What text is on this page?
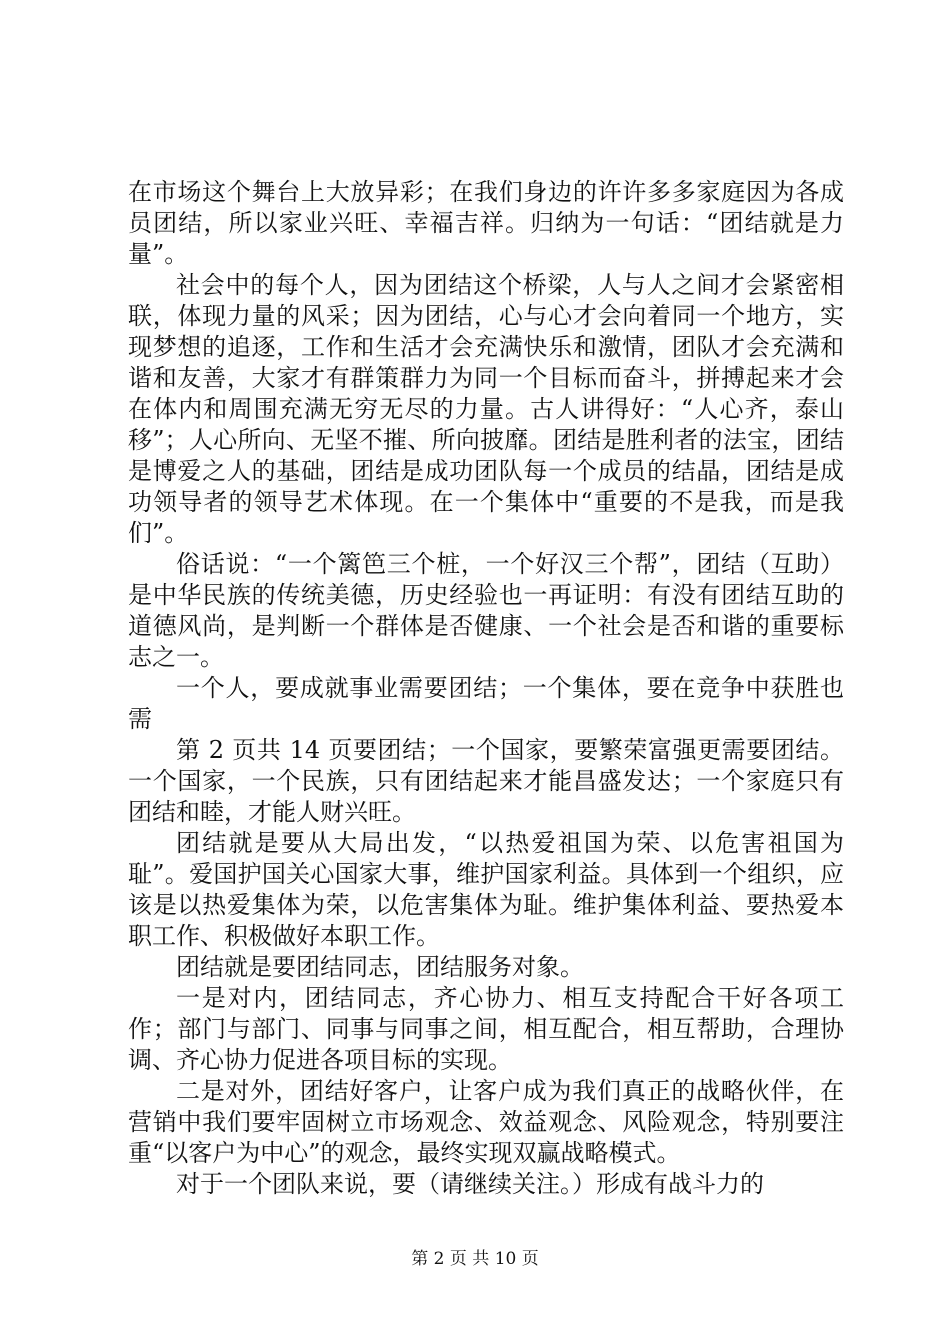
在市场这个舞台上大放异彩；在我们身边的许许多多家庭因为各成员团结，所以家业兴旺、幸福吉祥。归纳为一句话：“团结就是力量”。

社会中的每个人，因为团结这个桥梁，人与人之间才会紧密相联，体现力量的风采；因为团结，心与心才会向着同一个地方，实现梦想的追逐，工作和生活才会充满快乐和激情，团队才会充满和谐和友善，大家才有群策群力为同一个目标而奋斗，拼搏起来才会在体内和周围充满无穷无尽的力量。古人讲得好：“人心齐，泰山移”；人心所向、无坚不摧、所向披靡。团结是胜利者的法宝，团结是博爱之人的基础，团结是成功团队每一个成员的结晶，团结是成功领导者的领导艺术体现。在一个集体中“重要的不是我，而是我们”。

俗话说：“一个篱笆三个桩，一个好汉三个帮”，团结（互助）是中华民族的传统美德，历史经验也一再证明：有没有团结互助的道德风尚，是判断一个群体是否健康、一个社会是否和谐的重要标志之一。

一个人，要成就事业需要团结；一个集体，要在竞争中获胜也需

第 2 页共 14 页要团结；一个国家，要繁荣富强更需要团结。一个国家，一个民族，只有团结起来才能昌盛发达；一个家庭只有团结和睦，才能人财兴旺。

团结就是要从大局出发，“以热爱祖国为荣、以危害祖国为耻”。爱国护国关心国家大事，维护国家利益。具体到一个组织，应该是以热爱集体为荣，以危害集体为耻。维护集体利益、要热爱本职工作、积极做好本职工作。

团结就是要团结同志，团结服务对象。

一是对内，团结同志，齐心协力、相互支持配合干好各项工作；部门与部门、同事与同事之间，相互配合，相互帮助，合理协调、齐心协力促进各项目标的实现。

二是对外，团结好客户，让客户成为我们真正的战略伙伴，在营销中我们要牢固树立市场观念、效益观念、风险观念，特别要注重“以客户为中心”的观念，最终实现双赢战略模式。

对于一个团队来说，要（请继续关注。）形成有战斗力的

第 2 页 共 10 页
